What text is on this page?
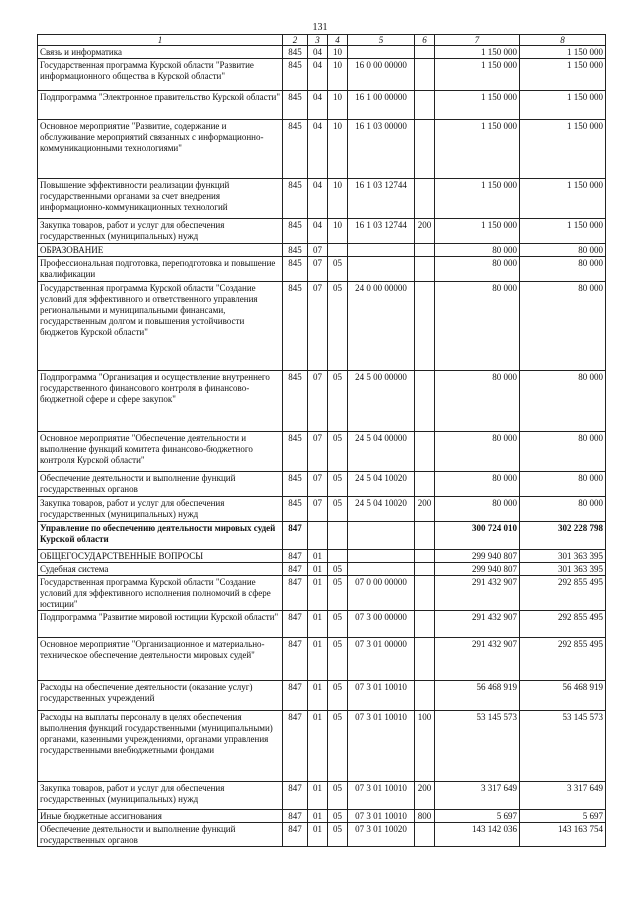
131
1	2	3	4	5	6	7	8
Связь и информатика	845	04	10			1 150 000	1 150 000
Государственная программа Курской области "Развитие информационного общества в Курской области"	845	04	10	16 0 00 00000		1 150 000	1 150 000
Подпрограмма "Электронное правительство Курской области"	845	04	10	16 1 00 00000		1 150 000	1 150 000
Основное мероприятие "Развитие, содержание и обслуживание мероприятий связанных с информационно-коммуникационными технологиями"	845	04	10	16 1 03 00000		1 150 000	1 150 000
Повышение эффективности реализации функций государственными органами за счет внедрения информационно-коммуникационных технологий	845	04	10	16 1 03 12744		1 150 000	1 150 000
Закупка товаров, работ и услуг для обеспечения государственных (муниципальных) нужд	845	04	10	16 1 03 12744	200	1 150 000	1 150 000
ОБРАЗОВАНИЕ	845	07				80 000	80 000
Профессиональная подготовка, переподготовка и повышение квалификации	845	07	05			80 000	80 000
Государственная программа Курской области "Создание условий для эффективного и ответственного управления региональными и муниципальными финансами, государственным долгом и повышения устойчивости бюджетов Курской области"	845	07	05	24 0 00 00000		80 000	80 000
Подпрограмма "Организация и осуществление внутреннего государственного финансового контроля в финансово-бюджетной сфере и сфере закупок"	845	07	05	24 5 00 00000		80 000	80 000
Основное мероприятие "Обеспечение деятельности и выполнение функций комитета финансово-бюджетного контроля Курской области"	845	07	05	24 5 04 00000		80 000	80 000
Обеспечение деятельности и выполнение функций государственных органов	845	07	05	24 5 04 10020		80 000	80 000
Закупка товаров, работ и услуг для обеспечения государственных (муниципальных) нужд	845	07	05	24 5 04 10020	200	80 000	80 000
Управление по обеспечению деятельности мировых судей Курской области	847					300 724 010	302 228 798
ОБЩЕГОСУДАРСТВЕННЫЕ ВОПРОСЫ	847	01				299 940 807	301 363 395
Судебная система	847	01	05			299 940 807	301 363 395
Государственная программа Курской области "Создание условий для эффективного исполнения полномочий в сфере юстиции"	847	01	05	07 0 00 00000		291 432 907	292 855 495
Подпрограмма "Развитие мировой юстиции Курской области"	847	01	05	07 3 00 00000		291 432 907	292 855 495
Основное мероприятие "Организационное и материально-техническое обеспечение деятельности мировых судей"	847	01	05	07 3 01 00000		291 432 907	292 855 495
Расходы на обеспечение деятельности (оказание услуг) государственных учреждений	847	01	05	07 3 01 10010		56 468 919	56 468 919
Расходы на выплаты персоналу в целях обеспечения выполнения функций государственными (муниципальными) органами, казенными учреждениями, органами управления государственными внебюджетными фондами	847	01	05	07 3 01 10010	100	53 145 573	53 145 573
Закупка товаров, работ и услуг для обеспечения государственных (муниципальных) нужд	847	01	05	07 3 01 10010	200	3 317 649	3 317 649
Иные бюджетные ассигнования	847	01	05	07 3 01 10010	800	5 697	5 697
Обеспечение деятельности и выполнение функций государственных органов	847	01	05	07 3 01 10020		143 142 036	143 163 754
